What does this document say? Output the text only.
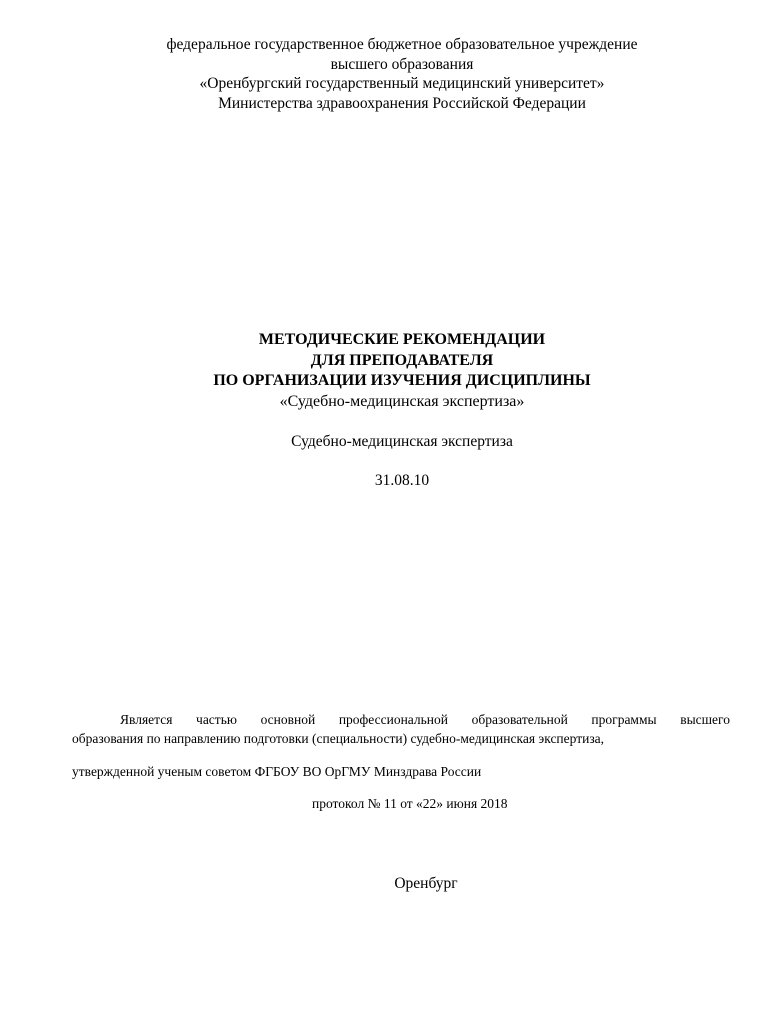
федеральное государственное бюджетное образовательное учреждение
высшего образования
«Оренбургский государственный медицинский университет»
Министерства здравоохранения Российской Федерации
МЕТОДИЧЕСКИЕ РЕКОМЕНДАЦИИ
ДЛЯ ПРЕПОДАВАТЕЛЯ
ПО ОРГАНИЗАЦИИ ИЗУЧЕНИЯ ДИСЦИПЛИНЫ
«Судебно-медицинская экспертиза»
Судебно-медицинская экспертиза
31.08.10
Является частью основной профессиональной образовательной программы высшего
образования по направлению подготовки (специальности) судебно-медицинская экспертиза,
утвержденной ученым советом ФГБОУ ВО ОрГМУ Минздрава России
протокол № 11 от «22» июня 2018
Оренбург
